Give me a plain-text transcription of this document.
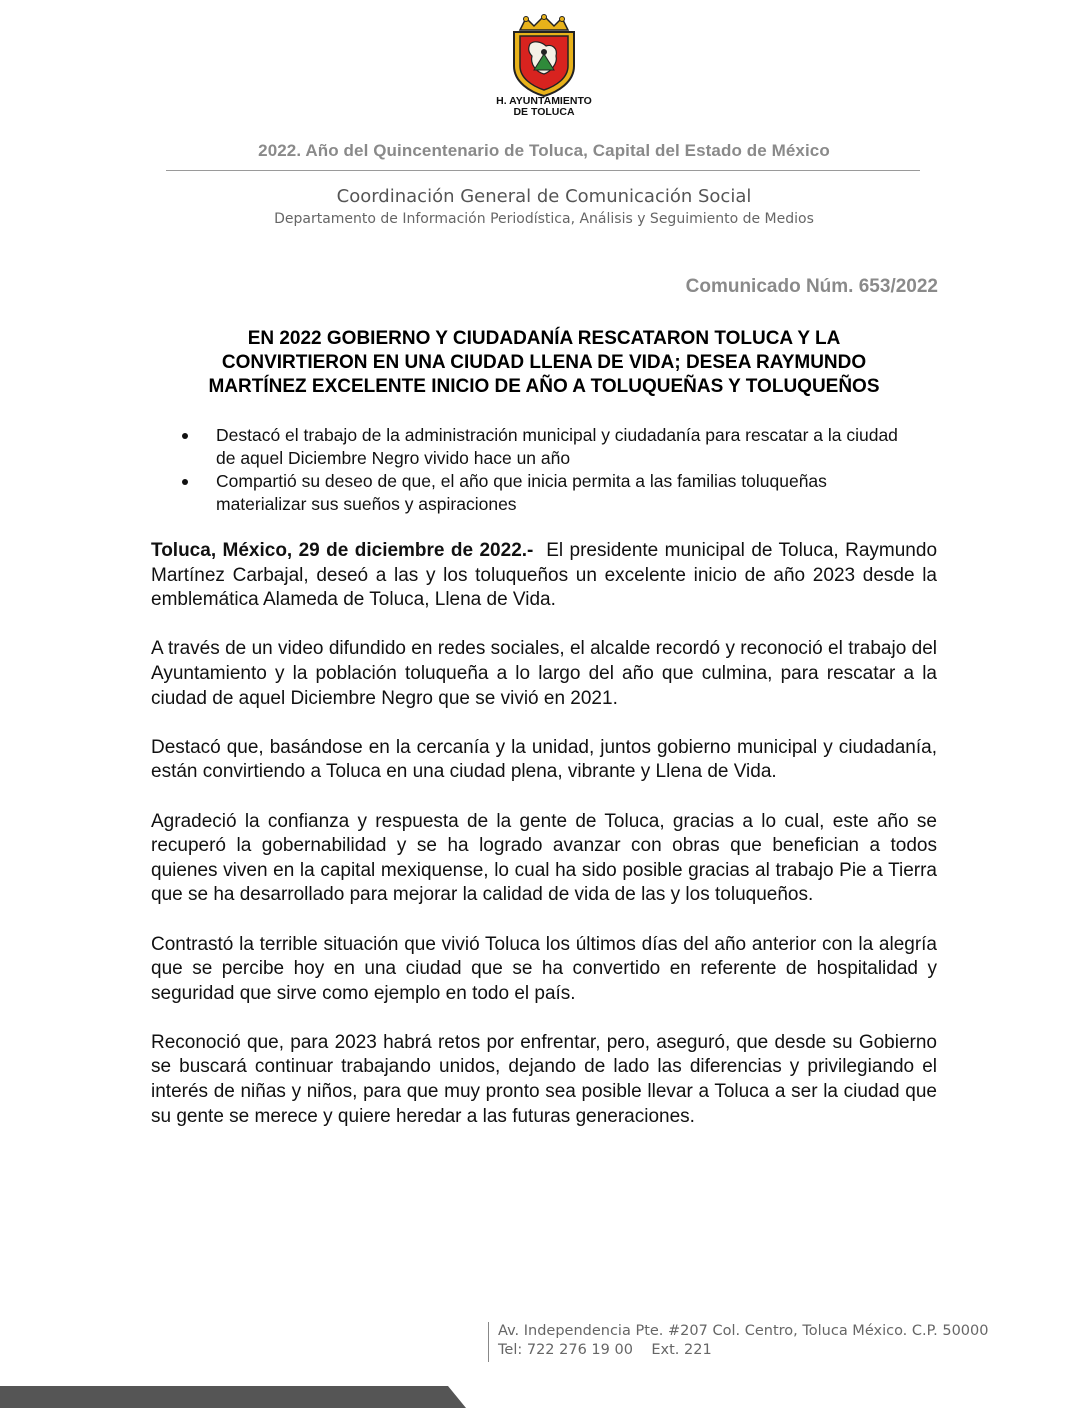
H. AYUNTAMIENTO
DE TOLUCA
2022. Año del Quincentenario de Toluca, Capital del Estado de México
Coordinación General de Comunicación Social
Departamento de Información Periodística, Análisis y Seguimiento de Medios
Comunicado Núm. 653/2022
EN 2022 GOBIERNO Y CIUDADANÍA RESCATARON TOLUCA Y LA
CONVIRTIERON EN UNA CIUDAD LLENA DE VIDA; DESEA RAYMUNDO
MARTÍNEZ EXCELENTE INICIO DE AÑO A TOLUQUEÑAS Y TOLUQUEÑOS
Destacó el trabajo de la administración municipal y ciudadanía para rescatar a la ciudad de aquel Diciembre Negro vivido hace un año
Compartió su deseo de que, el año que inicia permita a las familias toluqueñas materializar sus sueños y aspiraciones

Toluca, México, 29 de diciembre de 2022.- El presidente municipal de Toluca, Raymundo Martínez Carbajal, deseó a las y los toluqueños un excelente inicio de año 2023 desde la emblemática Alameda de Toluca, Llena de Vida.

A través de un video difundido en redes sociales, el alcalde recordó y reconoció el trabajo del Ayuntamiento y la población toluqueña a lo largo del año que culmina, para rescatar a la ciudad de aquel Diciembre Negro que se vivió en 2021.

Destacó que, basándose en la cercanía y la unidad, juntos gobierno municipal y ciudadanía, están convirtiendo a Toluca en una ciudad plena, vibrante y Llena de Vida.

Agradeció la confianza y respuesta de la gente de Toluca, gracias a lo cual, este año se recuperó la gobernabilidad y se ha logrado avanzar con obras que benefician a todos quienes viven en la capital mexiquense, lo cual ha sido posible gracias al trabajo Pie a Tierra que se ha desarrollado para mejorar la calidad de vida de las y los toluqueños.

Contrastó la terrible situación que vivió Toluca los últimos días del año anterior con la alegría que se percibe hoy en una ciudad que se ha convertido en referente de hospitalidad y seguridad que sirve como ejemplo en todo el país.

Reconoció que, para 2023 habrá retos por enfrentar, pero, aseguró, que desde su Gobierno se buscará continuar trabajando unidos, dejando de lado las diferencias y privilegiando el interés de niñas y niños, para que muy pronto sea posible llevar a Toluca a ser la ciudad que su gente se merece y quiere heredar a las futuras generaciones.

Av. Independencia Pte. #207 Col. Centro, Toluca México. C.P. 50000
Tel: 722 276 19 00    Ext. 221
